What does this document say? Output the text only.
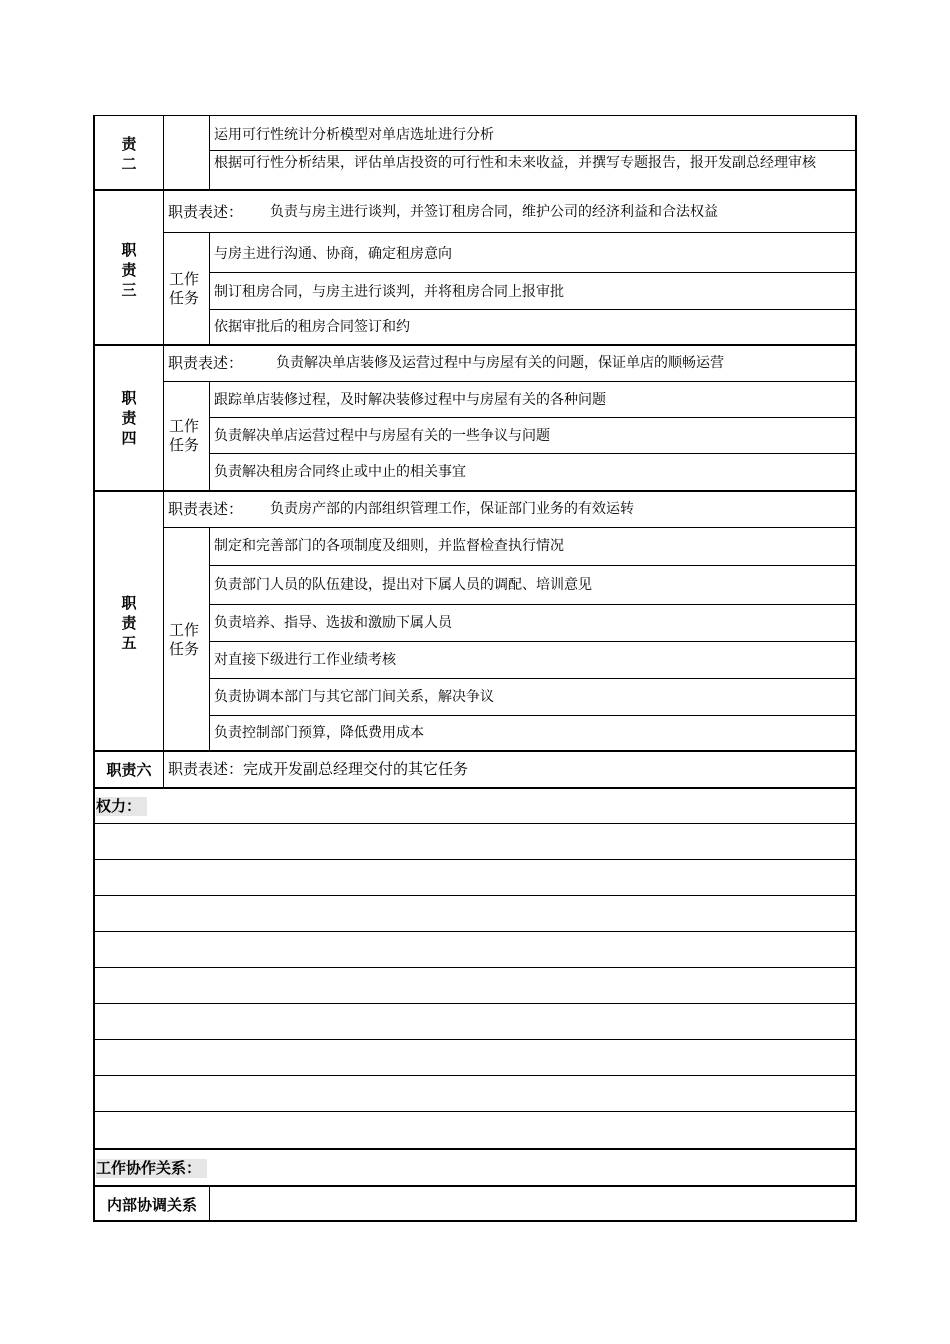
责
二
运用可行性统计分析模型对单店选址进行分析
根据可行性分析结果，评估单店投资的可行性和未来收益，并撰写专题报告，报开发副总经理审核
职
责
三
职责表述： 负责与房主进行谈判，并签订租房合同，维护公司的经济利益和合法权益
工作
任务
与房主进行沟通、协商，确定租房意向
制订租房合同，与房主进行谈判，并将租房合同上报审批
依据审批后的租房合同签订和约
职
责
四
职责表述： 负责解决单店装修及运营过程中与房屋有关的问题，保证单店的顺畅运营
工作
任务
跟踪单店装修过程，及时解决装修过程中与房屋有关的各种问题
负责解决单店运营过程中与房屋有关的一些争议与问题
负责解决租房合同终止或中止的相关事宜
职
责
五
职责表述： 负责房产部的内部组织管理工作，保证部门业务的有效运转
工作
任务
制定和完善部门的各项制度及细则，并监督检查执行情况
负责部门人员的队伍建设，提出对下属人员的调配、培训意见
负责培养、指导、选拔和激励下属人员
对直接下级进行工作业绩考核
负责协调本部门与其它部门间关系，解决争议
负责控制部门预算，降低费用成本
职责六	职责表述：完成开发副总经理交付的其它任务
权力：
工作协作关系：
内部协调关系
